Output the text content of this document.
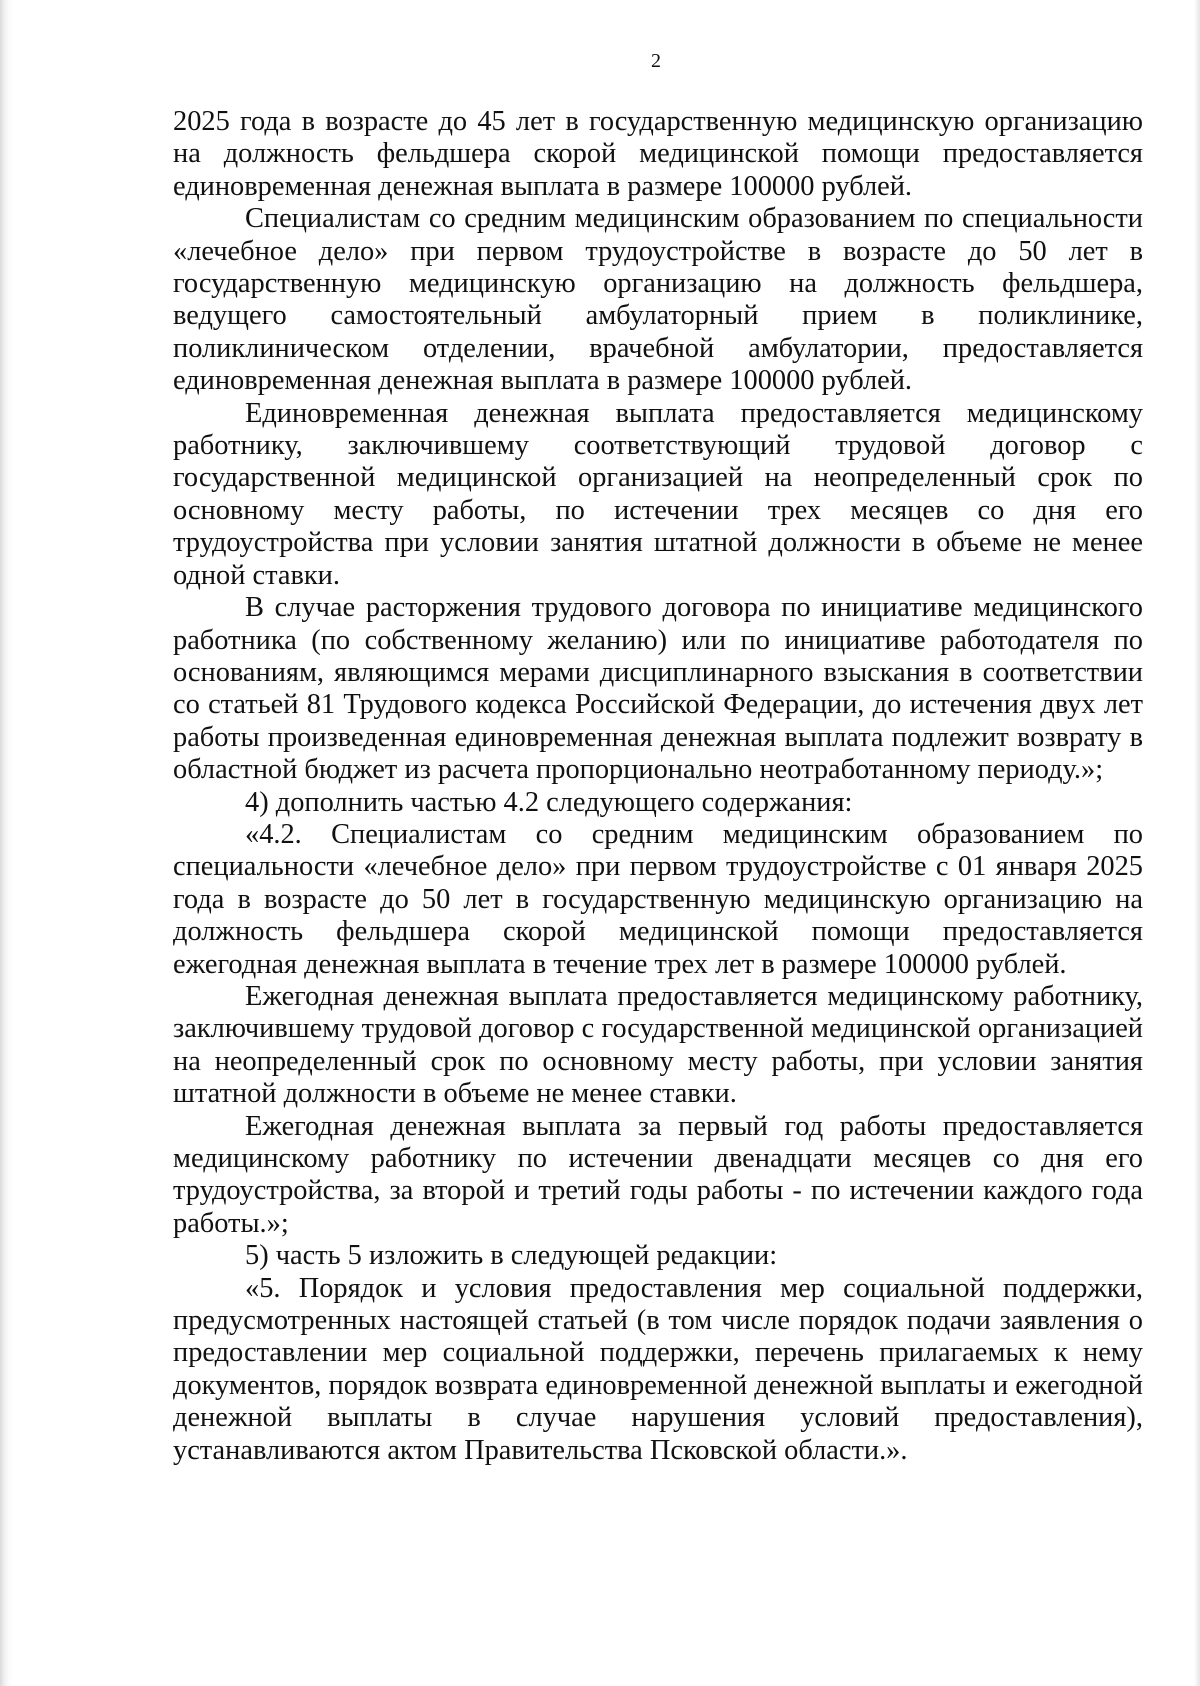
2

2025 года в возрасте до 45 лет в государственную медицинскую организацию на должность фельдшера скорой медицинской помощи предоставляется единовременная денежная выплата в размере 100000 рублей.

Специалистам со средним медицинским образованием по специальности «лечебное дело» при первом трудоустройстве в возрасте до 50 лет в государственную медицинскую организацию на должность фельдшера, ведущего самостоятельный амбулаторный прием в поликлинике, поликлиническом отделении, врачебной амбулатории, предоставляется единовременная денежная выплата в размере 100000 рублей.

Единовременная денежная выплата предоставляется медицинскому работнику, заключившему соответствующий трудовой договор с государственной медицинской организацией на неопределенный срок по основному месту работы, по истечении трех месяцев со дня его трудоустройства при условии занятия штатной должности в объеме не менее одной ставки.

В случае расторжения трудового договора по инициативе медицинского работника (по собственному желанию) или по инициативе работодателя по основаниям, являющимся мерами дисциплинарного взыскания в соответствии со статьей 81 Трудового кодекса Российской Федерации, до истечения двух лет работы произведенная единовременная денежная выплата подлежит возврату в областной бюджет из расчета пропорционально неотработанному периоду.»;

4) дополнить частью 4.2 следующего содержания:

«4.2. Специалистам со средним медицинским образованием по специальности «лечебное дело» при первом трудоустройстве с 01 января 2025 года в возрасте до 50 лет в государственную медицинскую организацию на должность фельдшера скорой медицинской помощи предоставляется ежегодная денежная выплата в течение трех лет в размере 100000 рублей.

Ежегодная денежная выплата предоставляется медицинскому работнику, заключившему трудовой договор с государственной медицинской организацией на неопределенный срок по основному месту работы, при условии занятия штатной должности в объеме не менее ставки.

Ежегодная денежная выплата за первый год работы предоставляется медицинскому работнику по истечении двенадцати месяцев со дня его трудоустройства, за второй и третий годы работы - по истечении каждого года работы.»;

5) часть 5 изложить в следующей редакции:

«5. Порядок и условия предоставления мер социальной поддержки, предусмотренных настоящей статьей (в том числе порядок подачи заявления о предоставлении мер социальной поддержки, перечень прилагаемых к нему документов, порядок возврата единовременной денежной выплаты и ежегодной денежной выплаты в случае нарушения условий предоставления), устанавливаются актом Правительства Псковской области.».
